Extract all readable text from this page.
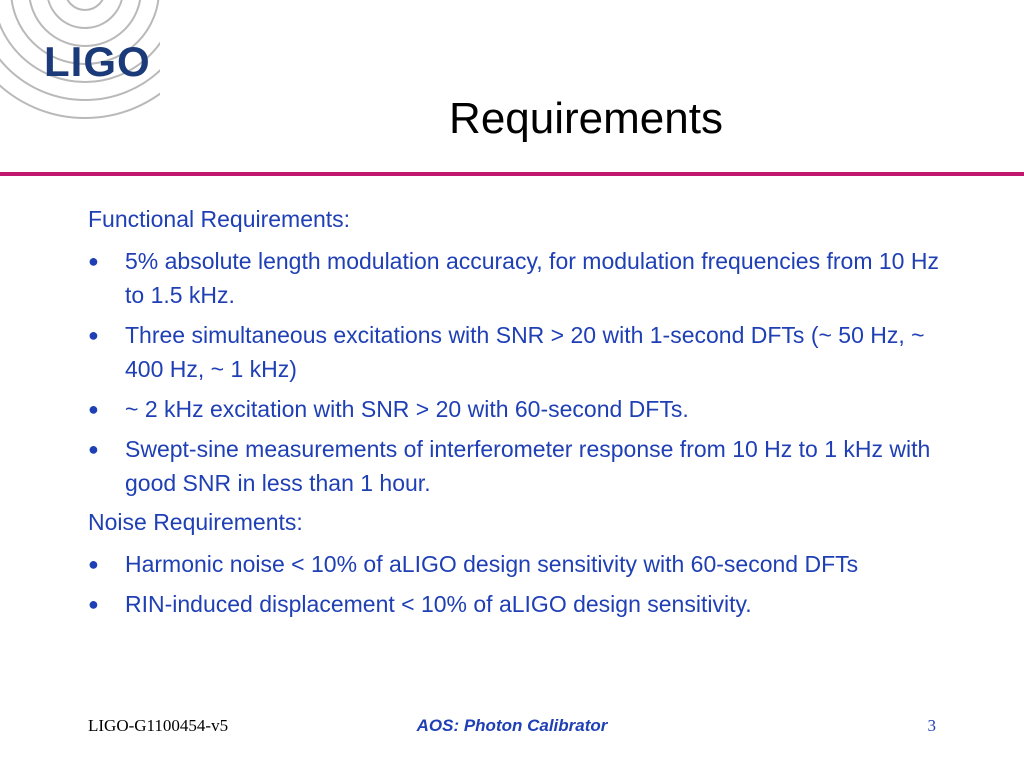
LIGO
Requirements
Functional Requirements:
●	5% absolute length modulation accuracy, for modulation frequencies from 10 Hz to 1.5 kHz.
●	Three simultaneous excitations with SNR > 20 with 1-second DFTs (~ 50 Hz, ~ 400 Hz, ~ 1 kHz)
●	~ 2 kHz excitation with SNR > 20 with 60-second DFTs.
●	Swept-sine measurements of interferometer response from 10 Hz to 1 kHz with good SNR in less than 1 hour.
Noise Requirements:
●	Harmonic noise < 10% of aLIGO design sensitivity with 60-second DFTs
●	RIN-induced displacement < 10% of aLIGO design sensitivity.
LIGO-G1100454-v5	AOS: Photon Calibrator	3
